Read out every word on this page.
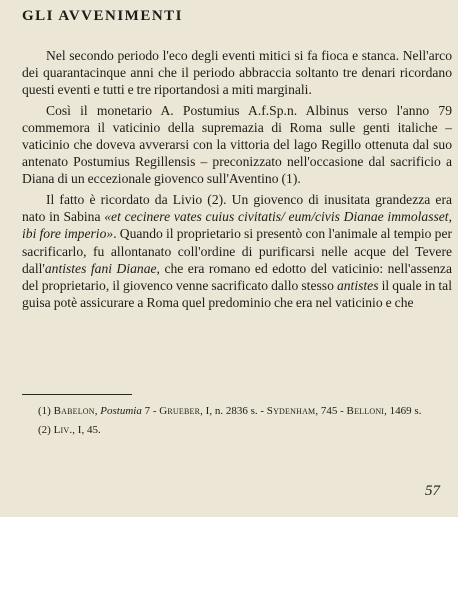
GLI AVVENIMENTI

Nel secondo periodo l'eco degli eventi mitici si fa fioca e stanca. Nell'arco dei quarantacinque anni che il periodo abbraccia soltanto tre denari ricordano questi eventi e tutti e tre riportandosi a miti marginali.

Così il monetario A. Postumius A.f.Sp.n. Albinus verso l'anno 79 commemora il vaticinio della supremazia di Roma sulle genti italiche – vaticinio che doveva avverarsi con la vittoria del lago Regillo ottenuta dal suo antenato Postumius Regillensis – preconizzato nell'occasione dal sacrificio a Diana di un eccezionale giovenco sull'Aventino (1).

Il fatto è ricordato da Livio (2). Un giovenco di inusitata grandezza era nato in Sabina «et cecinere vates cuius civitatis/ eum/civis Dianae immolasset, ibi fore imperio». Quando il proprietario si presentò con l'animale al tempio per sacrificarlo, fu allontanato coll'ordine di purificarsi nelle acque del Tevere dall'antistes fani Dianae, che era romano ed edotto del vaticinio: nell'assenza del proprietario, il giovenco venne sacrificato dallo stesso antistes il quale in tal guisa potè assicurare a Roma quel predominio che era nel vaticinio e che

(1) Babelon, Postumia 7 - Grueber, I, n. 2836 s. - Sydenham, 745 - Belloni, 1469 s.

(2) Liv., I, 45.

57
